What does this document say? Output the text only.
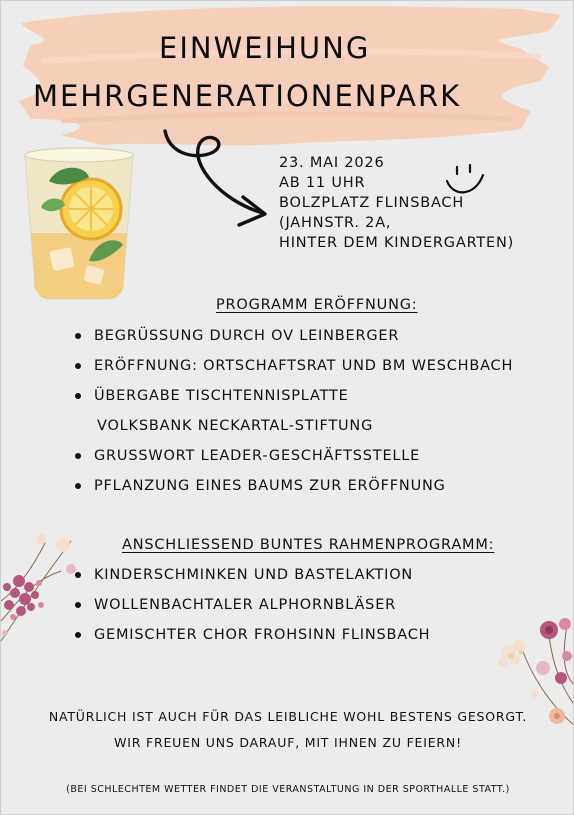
EINWEIHUNG
MEHRGENERATIONENPARK
23. MAI 2026
AB 11 UHR
BOLZPLATZ FLINSBACH
(JAHNSTR. 2A,
HINTER DEM KINDERGARTEN)
PROGRAMM ERÖFFNUNG:
BEGRÜSSUNG DURCH OV LEINBERGER
ERÖFFNUNG: ORTSCHAFTSRAT UND BM WESCHBACH
ÜBERGABE TISCHTENNISPLATTE
VOLKSBANK NECKARTAL-STIFTUNG
GRUSSWORT LEADER-GESCHÄFTSSTELLE
PFLANZUNG EINES BAUMS ZUR ERÖFFNUNG
ANSCHLIESSEND BUNTES RAHMENPROGRAMM:
KINDERSCHMINKEN UND BASTELAKTION
WOLLENBACHTALER ALPHORNBLÄSER
GEMISCHTER CHOR FROHSINN FLINSBACH
NATÜRLICH IST AUCH FÜR DAS LEIBLICHE WOHL BESTENS GESORGT.
WIR FREUEN UNS DARAUF, MIT IHNEN ZU FEIERN!
(BEI SCHLECHTEM WETTER FINDET DIE VERANSTALTUNG IN DER SPORTHALLE STATT.)
